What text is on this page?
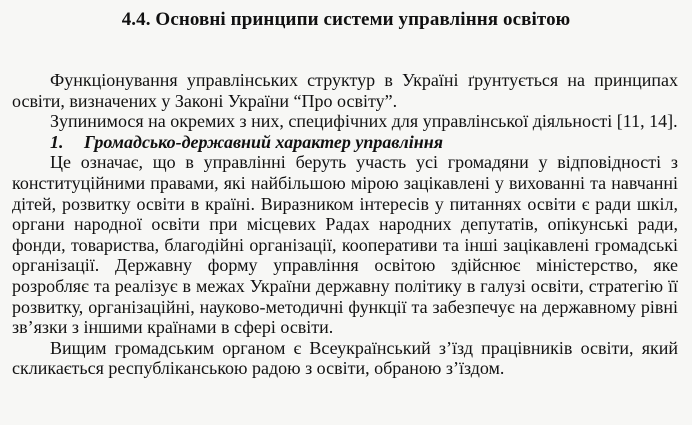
4.4. Основні принципи системи управління освітою

Функціонування управлінських структур в Україні ґрунтується на принципах освіти, визначених у Законі України “Про освіту”.

Зупинимося на окремих з них, специфічних для управлінської діяльності [11, 14].

1. Громадсько-державний характер управління

Це означає, що в управлінні беруть участь усі громадяни у відповідності з конституційними правами, які найбільшою мірою зацікавлені у вихованні та навчанні дітей, розвитку освіти в країні. Виразником інтересів у питаннях освіти є ради шкіл, органи народної освіти при місцевих Радах народних депутатів, опікунські ради, фонди, товариства, благодійні організації, кооперативи та інші зацікавлені громадські організації. Державну форму управління освітою здійснює міністерство, яке розробляє та реалізує в межах України державну політику в галузі освіти, стратегію її розвитку, організаційні, науково-методичні функції та забезпечує на державному рівні зв’язки з іншими країнами в сфері освіти.

Вищим громадським органом є Всеукраїнський з’їзд працівників освіти, який скликається республіканською радою з освіти, обраною з’їздом.
